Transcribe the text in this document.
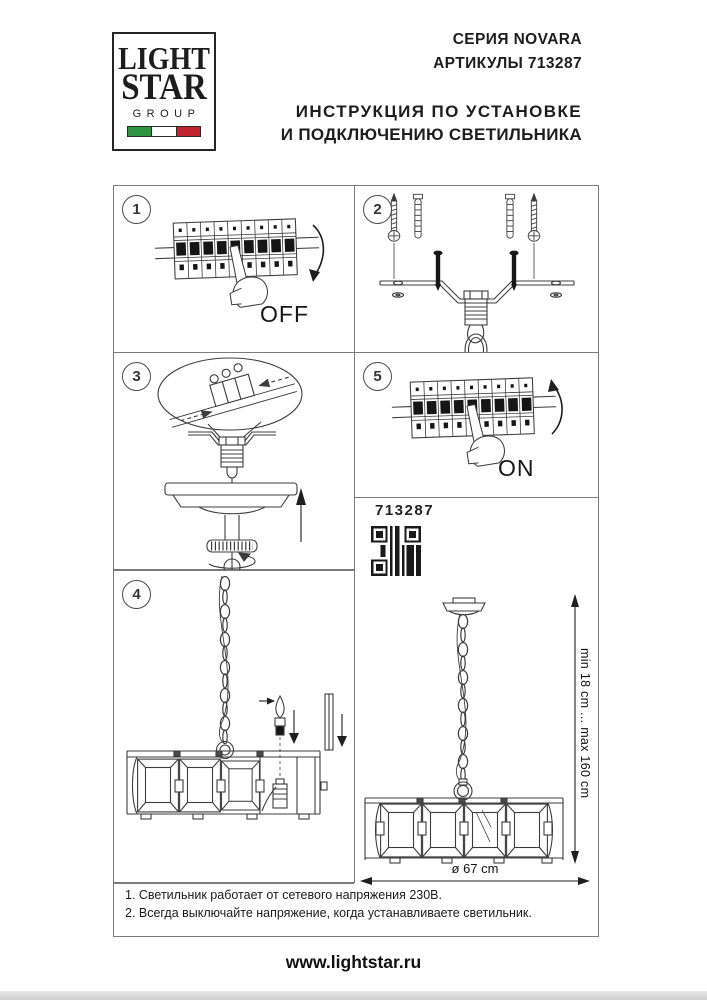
LIGHT
STAR
GROUP
СЕРИЯ NOVARA
АРТИКУЛЫ 713287
ИНСТРУКЦИЯ ПО УСТАНОВКЕ
И ПОДКЛЮЧЕНИЮ СВЕТИЛЬНИКА
1
OFF
2
3	5
ON
713287
4
min 18 cm ... max 160 cm
ø 67 cm
1. Светильник работает от сетевого напряжения 230В.
2. Всегда выключайте напряжение, когда устанавливаете светильник.
www.lightstar.ru
